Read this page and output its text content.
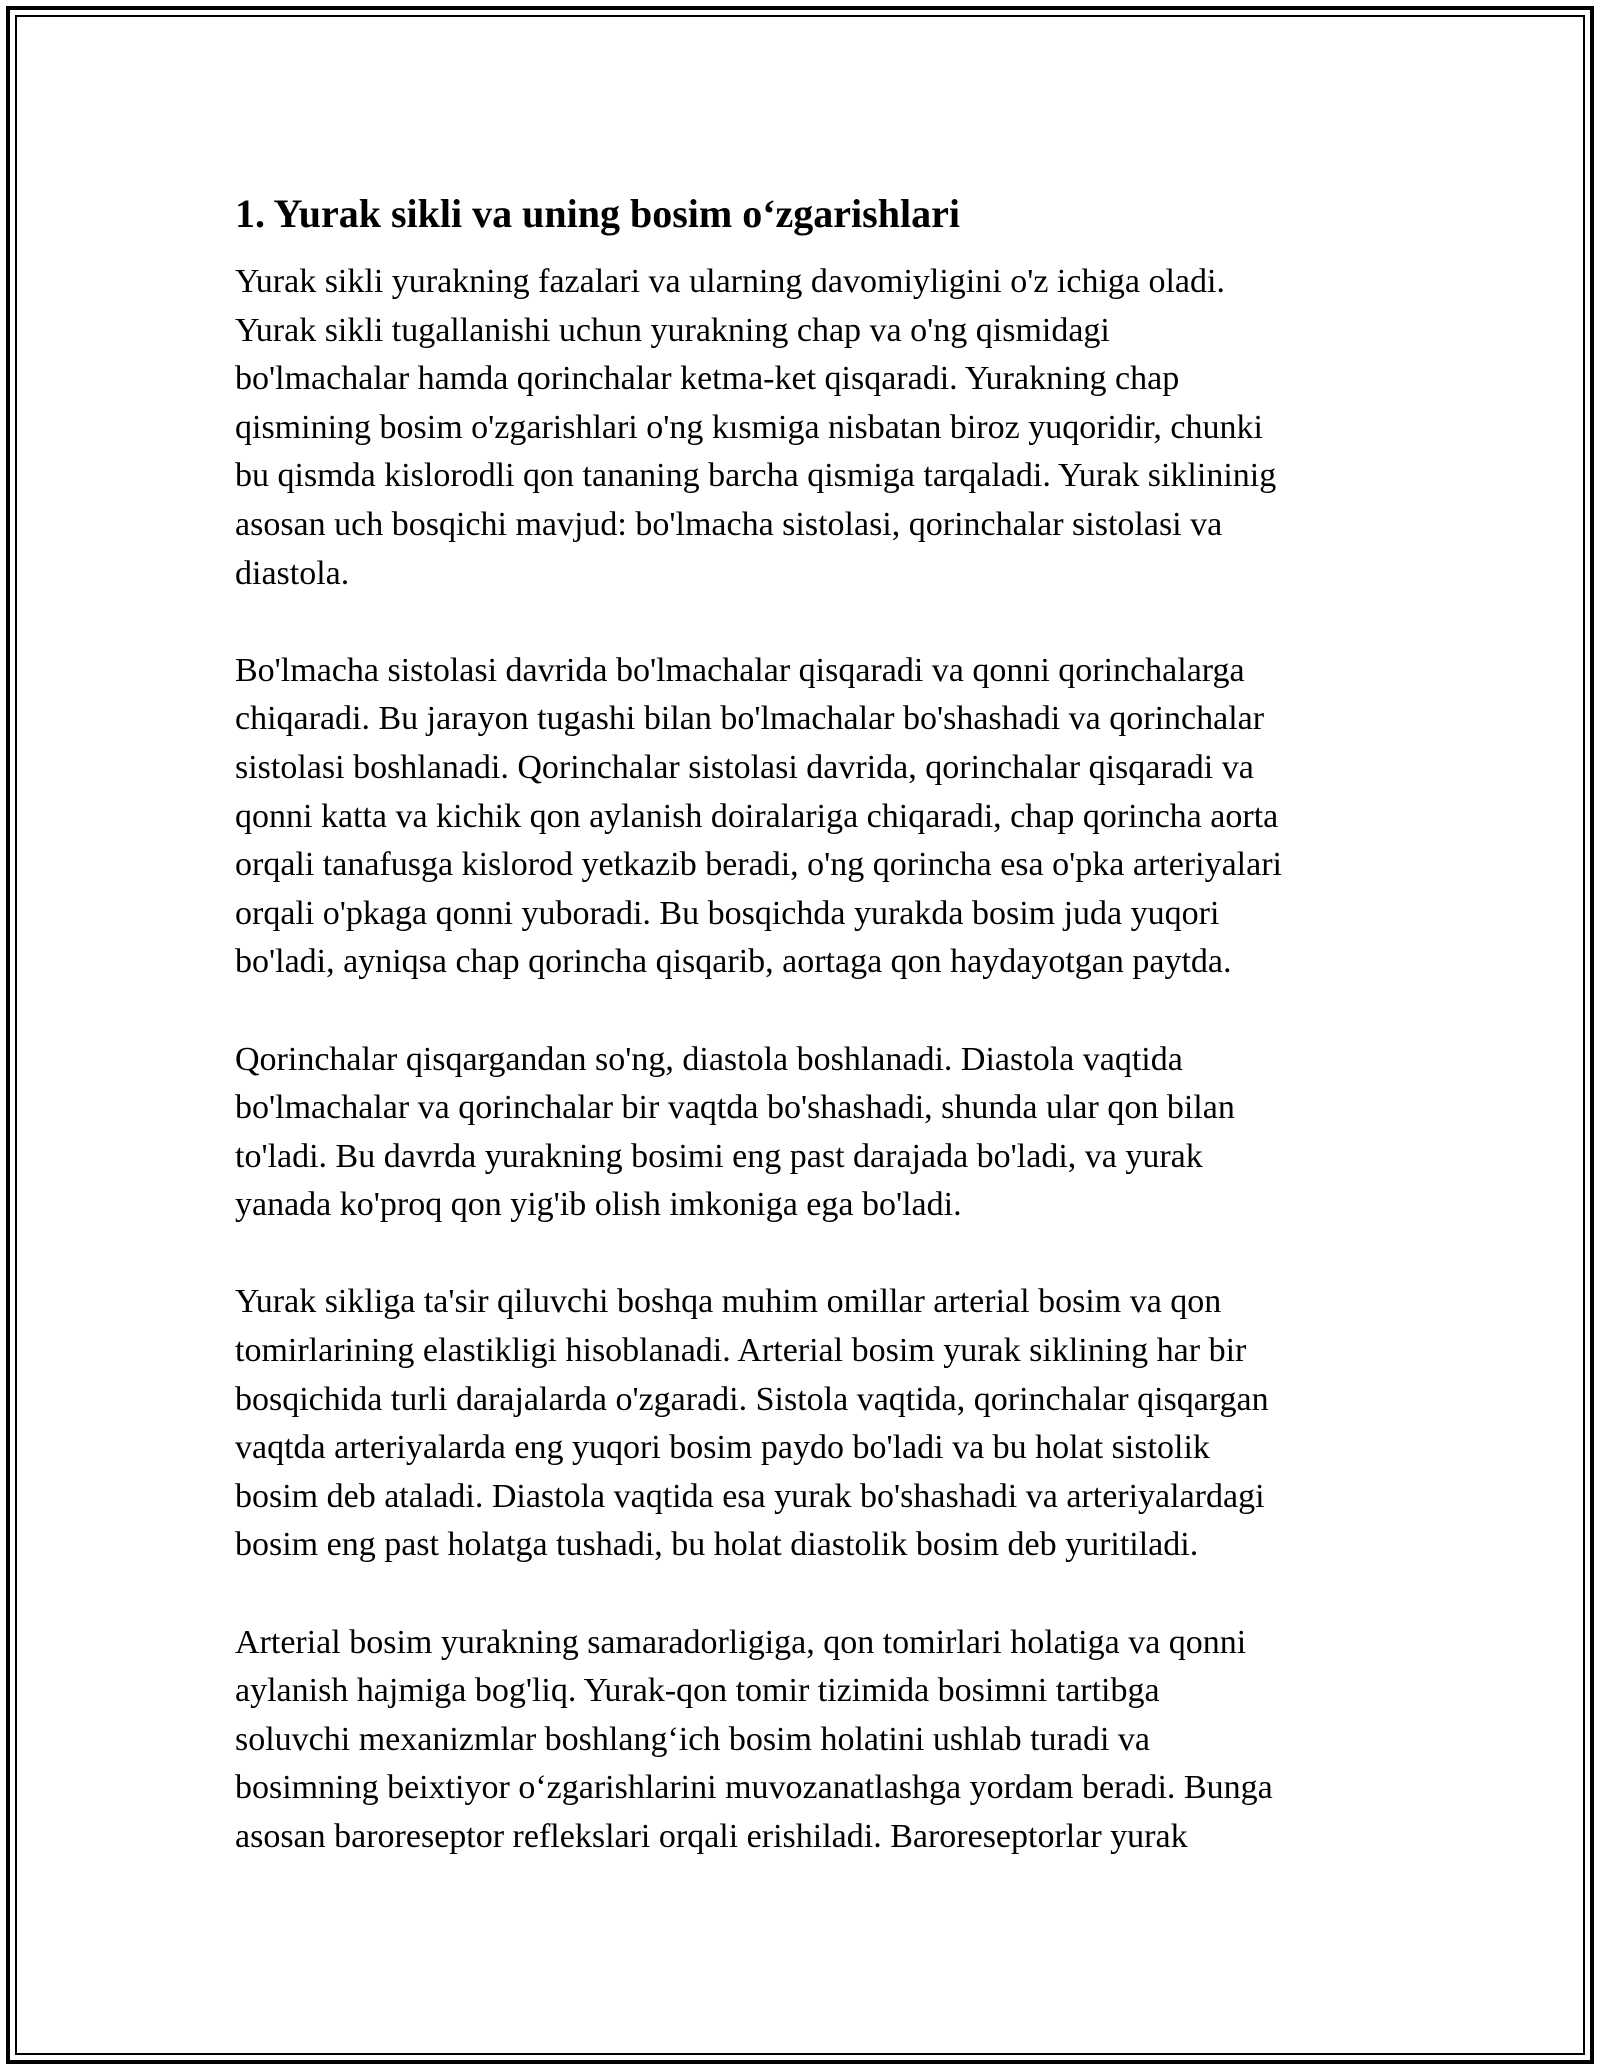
1. Yurak sikli va uning bosim o‘zgarishlari

Yurak sikli yurakning fazalari va ularning davomiyligini o'z ichiga oladi.
Yurak sikli tugallanishi uchun yurakning chap va o'ng qismidagi
bo'lmachalar hamda qorinchalar ketma-ket qisqaradi. Yurakning chap
qismining bosim o'zgarishlari o'ng kısmiga nisbatan biroz yuqoridir, chunki
bu qismda kislorodli qon tananing barcha qismiga tarqaladi. Yurak siklininig
asosan uch bosqichi mavjud: bo'lmacha sistolasi, qorinchalar sistolasi va
diastola.

Bo'lmacha sistolasi davrida bo'lmachalar qisqaradi va qonni qorinchalarga
chiqaradi. Bu jarayon tugashi bilan bo'lmachalar bo'shashadi va qorinchalar
sistolasi boshlanadi. Qorinchalar sistolasi davrida, qorinchalar qisqaradi va
qonni katta va kichik qon aylanish doiralariga chiqaradi, chap qorincha aorta
orqali tanafusga kislorod yetkazib beradi, o'ng qorincha esa o'pka arteriyalari
orqali o'pkaga qonni yuboradi. Bu bosqichda yurakda bosim juda yuqori
bo'ladi, ayniqsa chap qorincha qisqarib, aortaga qon haydayotgan paytda.

Qorinchalar qisqargandan so'ng, diastola boshlanadi. Diastola vaqtida
bo'lmachalar va qorinchalar bir vaqtda bo'shashadi, shunda ular qon bilan
to'ladi. Bu davrda yurakning bosimi eng past darajada bo'ladi, va yurak
yanada ko'proq qon yig'ib olish imkoniga ega bo'ladi.

Yurak sikliga ta'sir qiluvchi boshqa muhim omillar arterial bosim va qon
tomirlarining elastikligi hisoblanadi. Arterial bosim yurak siklining har bir
bosqichida turli darajalarda o'zgaradi. Sistola vaqtida, qorinchalar qisqargan
vaqtda arteriyalarda eng yuqori bosim paydo bo'ladi va bu holat sistolik
bosim deb ataladi. Diastola vaqtida esa yurak bo'shashadi va arteriyalardagi
bosim eng past holatga tushadi, bu holat diastolik bosim deb yuritiladi.

Arterial bosim yurakning samaradorligiga, qon tomirlari holatiga va qonni
aylanish hajmiga bog'liq. Yurak-qon tomir tizimida bosimni tartibga
soluvchi mexanizmlar boshlang‘ich bosim holatini ushlab turadi va
bosimning beixtiyor o‘zgarishlarini muvozanatlashga yordam beradi. Bunga
asosan baroreseptor reflekslari orqali erishiladi. Baroreseptorlar yurak
